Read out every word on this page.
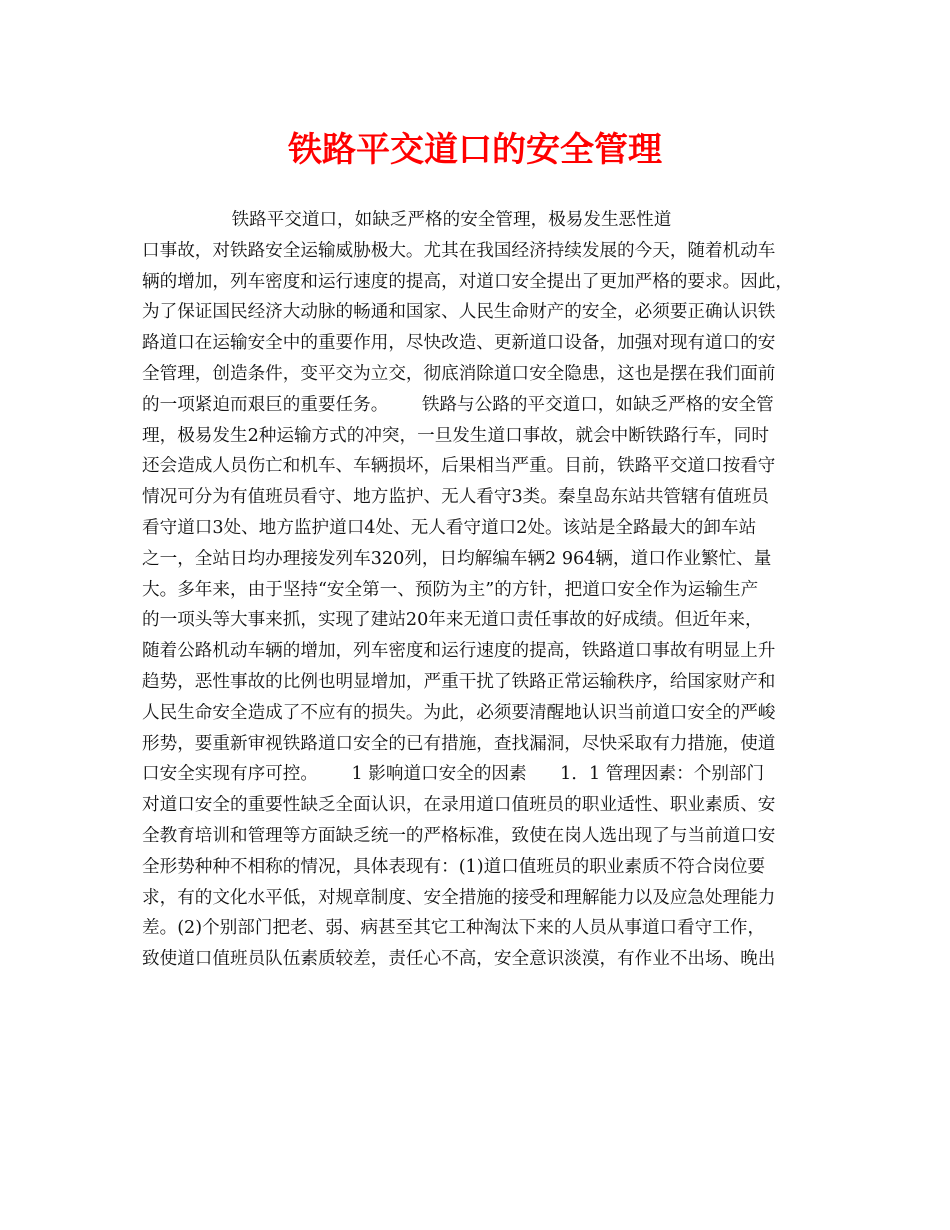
铁路平交道口的安全管理
铁路平交道口，如缺乏严格的安全管理，极易发生恶性道
口事故，对铁路安全运输威胁极大。尤其在我国经济持续发展的今天，随着机动车
辆的增加，列车密度和运行速度的提高，对道口安全提出了更加严格的要求。因此，
为了保证国民经济大动脉的畅通和国家、人民生命财产的安全，必须要正确认识铁
路道口在运输安全中的重要作用，尽快改造、更新道口设备，加强对现有道口的安
全管理，创造条件，变平交为立交，彻底消除道口安全隐患，这也是摆在我们面前
的一项紧迫而艰巨的重要任务。      铁路与公路的平交道口，如缺乏严格的安全管
理，极易发生2种运输方式的冲突，一旦发生道口事故，就会中断铁路行车，同时
还会造成人员伤亡和机车、车辆损坏，后果相当严重。目前，铁路平交道口按看守
情况可分为有值班员看守、地方监护、无人看守3类。秦皇岛东站共管辖有值班员
看守道口3处、地方监护道口4处、无人看守道口2处。该站是全路最大的卸车站
之一，全站日均办理接发列车320列，日均解编车辆2 964辆，道口作业繁忙、量
大。多年来，由于坚持“安全第一、预防为主”的方针，把道口安全作为运输生产
的一项头等大事来抓，实现了建站20年来无道口责任事故的好成绩。但近年来，
随着公路机动车辆的增加，列车密度和运行速度的提高，铁路道口事故有明显上升
趋势，恶性事故的比例也明显增加，严重干扰了铁路正常运输秩序，给国家财产和
人民生命安全造成了不应有的损失。为此，必须要清醒地认识当前道口安全的严峻
形势，要重新审视铁路道口安全的已有措施，查找漏洞，尽快采取有力措施，使道
口安全实现有序可控。      1 影响道口安全的因素      1．1 管理因素：个别部门
对道口安全的重要性缺乏全面认识，在录用道口值班员的职业适性、职业素质、安
全教育培训和管理等方面缺乏统一的严格标准，致使在岗人选出现了与当前道口安
全形势种种不相称的情况，具体表现有：(1)道口值班员的职业素质不符合岗位要
求，有的文化水平低，对规章制度、安全措施的接受和理解能力以及应急处理能力
差。(2)个别部门把老、弱、病甚至其它工种淘汰下来的人员从事道口看守工作，
致使道口值班员队伍素质较差，责任心不高，安全意识淡漠，有作业不出场、晚出
